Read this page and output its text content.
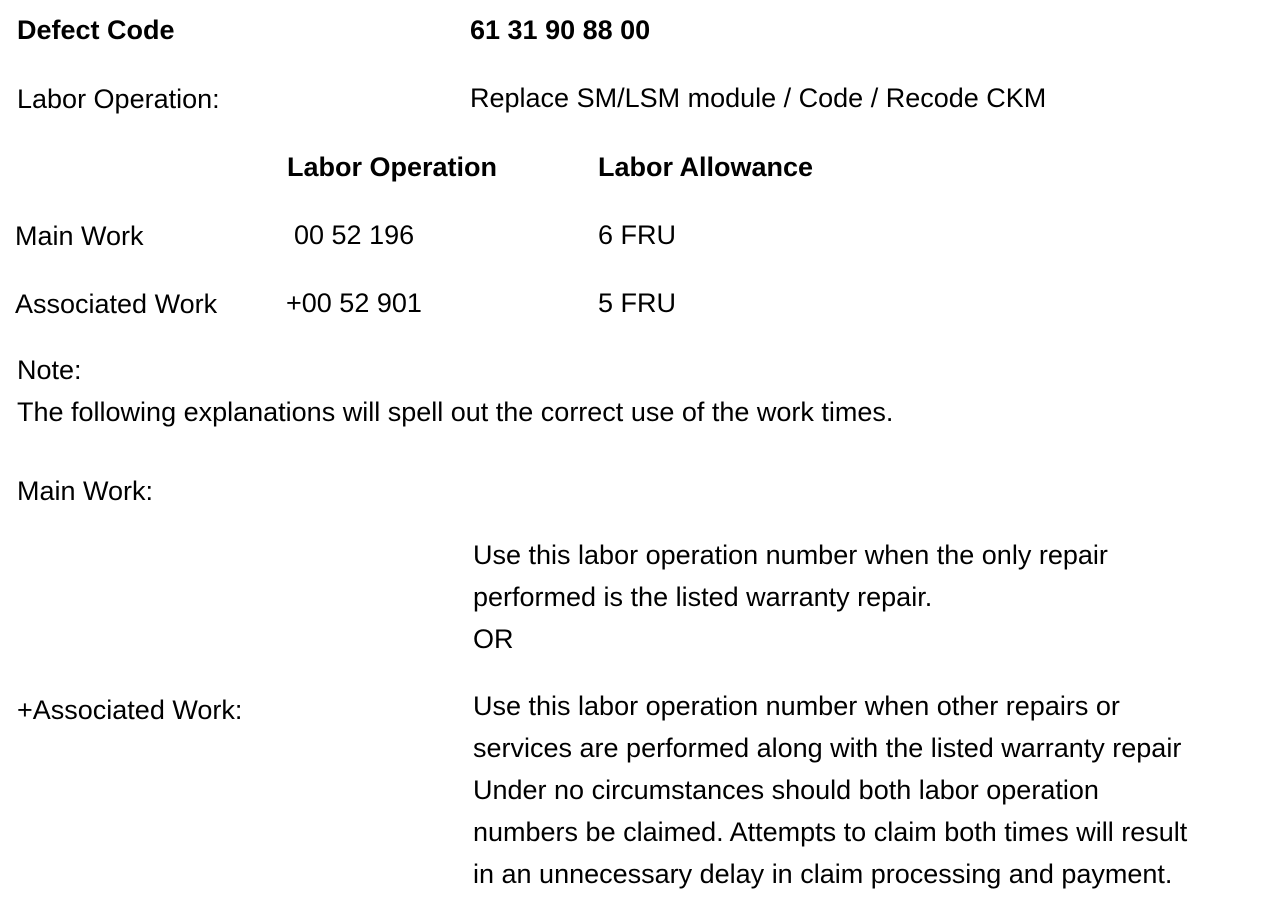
Defect Code	61 31 90 88 00
Labor Operation:	Replace SM/LSM module / Code / Recode CKM
Labor Operation	Labor Allowance
Main Work	00 52 196	6 FRU
Associated Work	+00 52 901	5 FRU
Note:
The following explanations will spell out the correct use of the work times.
Main Work:
Use this labor operation number when the only repair
performed is the listed warranty repair.
OR
+Associated Work:	Use this labor operation number when other repairs or
services are performed along with the listed warranty repair
Under no circumstances should both labor operation
numbers be claimed. Attempts to claim both times will result
in an unnecessary delay in claim processing and payment.
